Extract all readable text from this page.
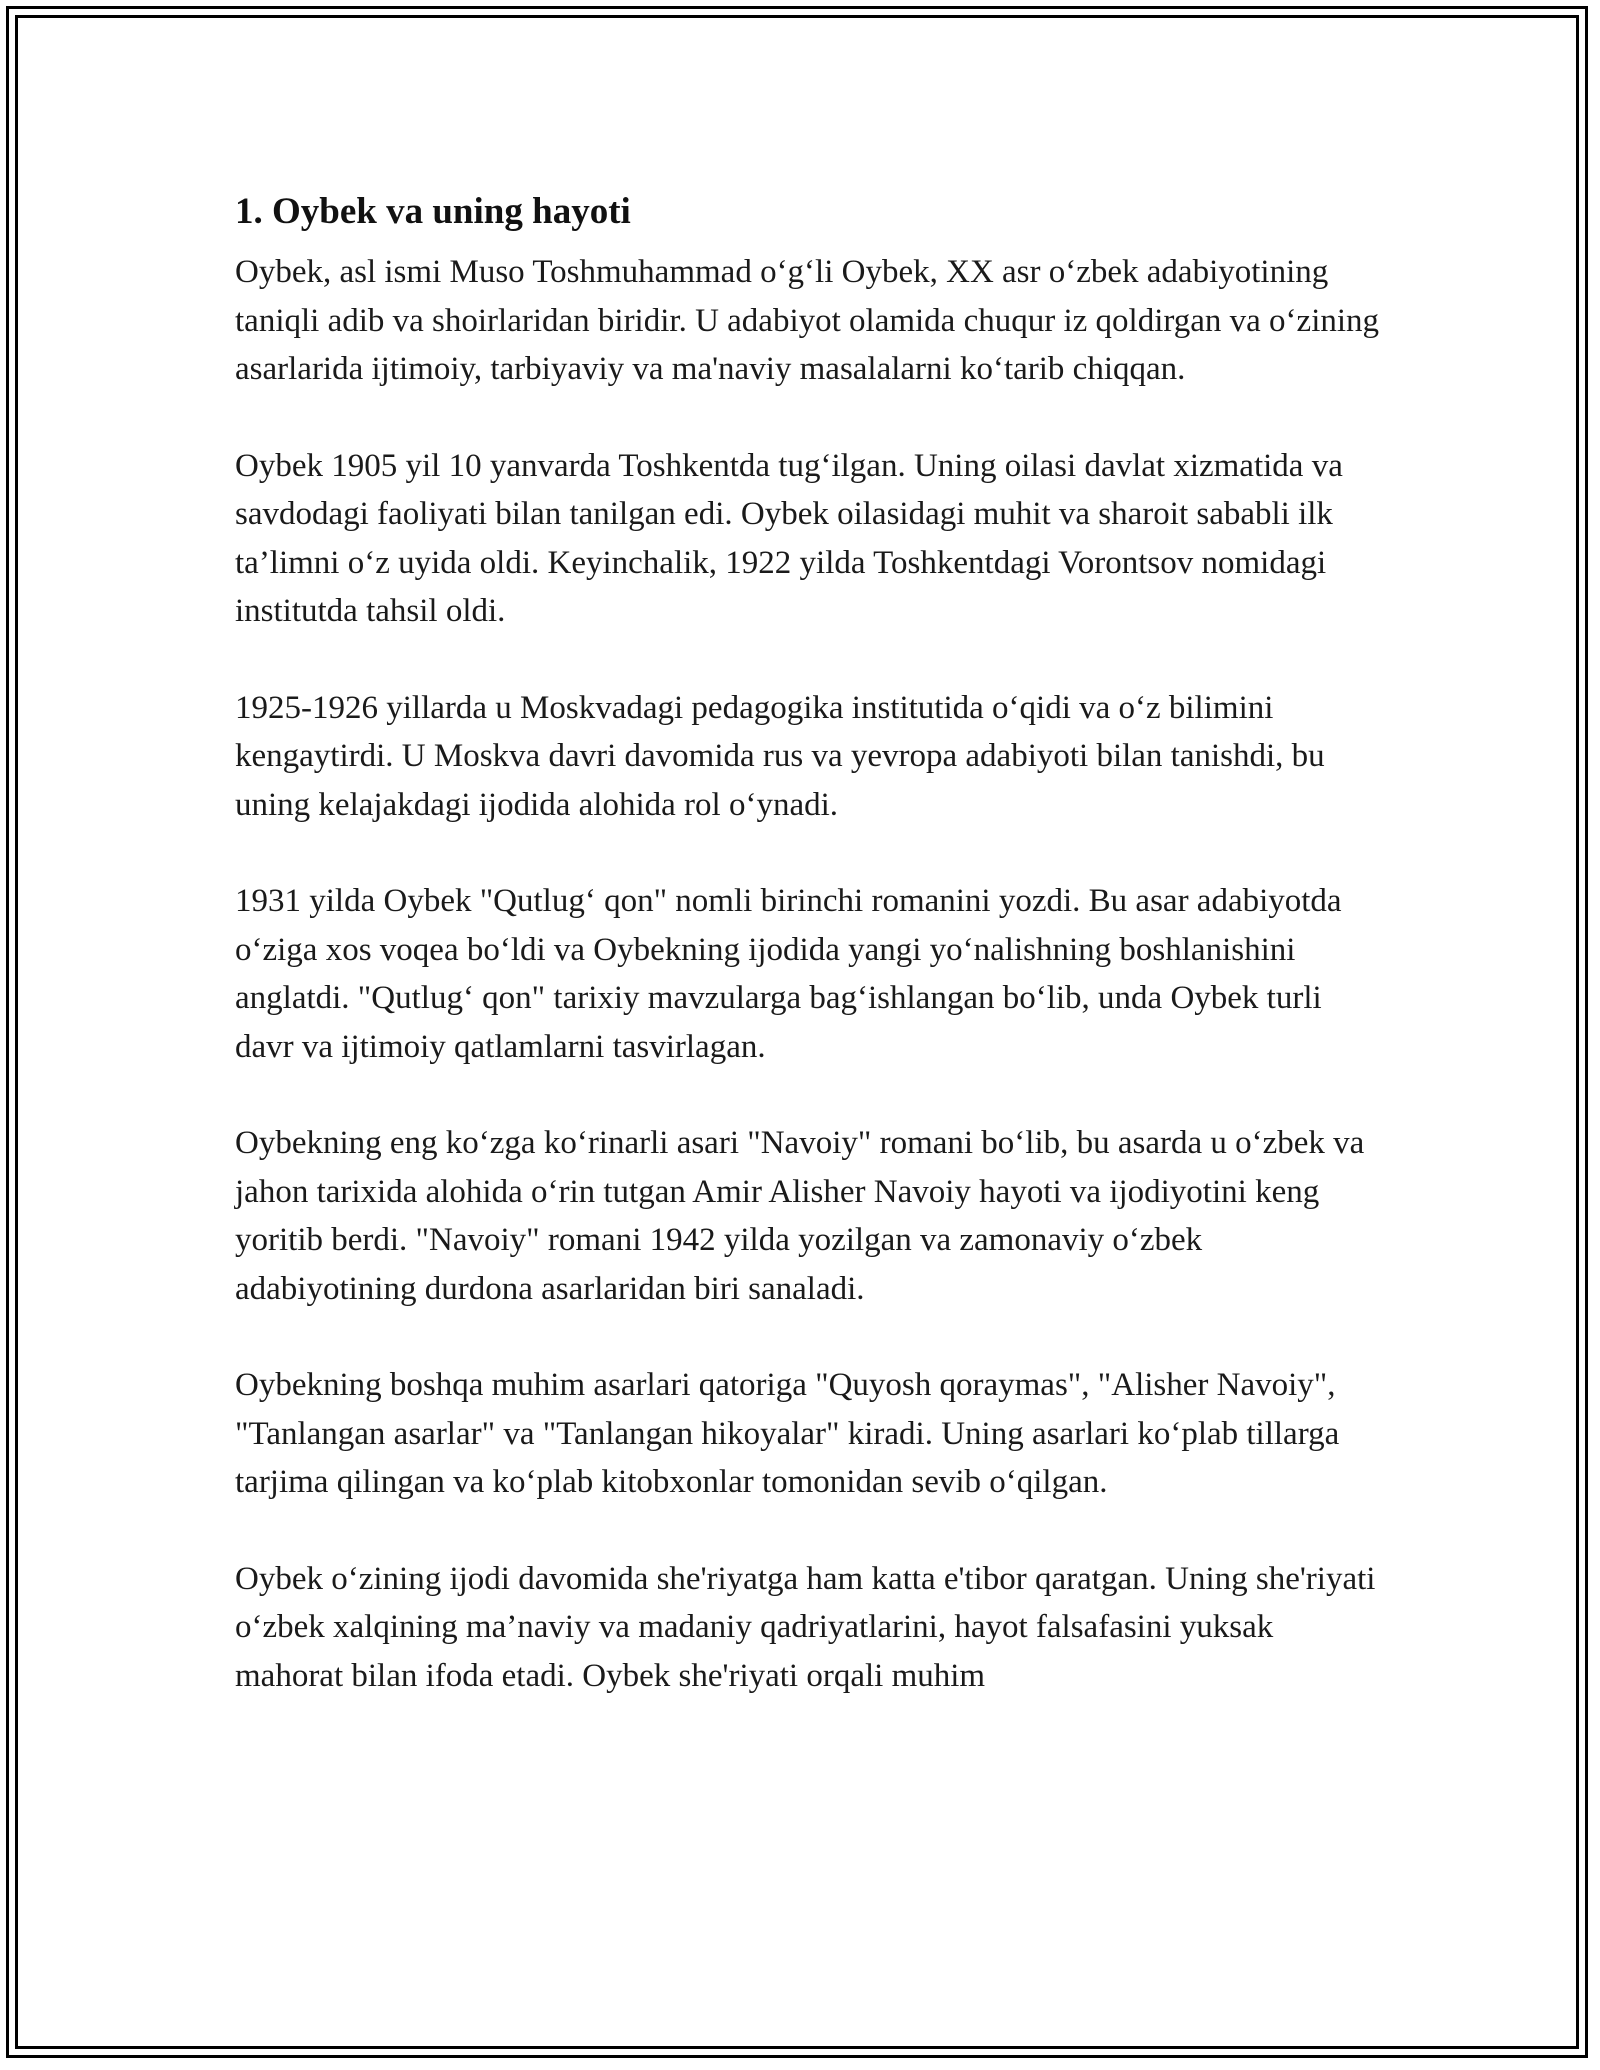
1. Oybek va uning hayoti

Oybek, asl ismi Muso Toshmuhammad o‘g‘li Oybek, XX asr o‘zbek adabiyotining taniqli adib va shoirlaridan biridir. U adabiyot olamida chuqur iz qoldirgan va o‘zining asarlarida ijtimoiy, tarbiyaviy va ma'naviy masalalarni ko‘tarib chiqqan.

Oybek 1905 yil 10 yanvarda Toshkentda tug‘ilgan. Uning oilasi davlat xizmatida va savdodagi faoliyati bilan tanilgan edi. Oybek oilasidagi muhit va sharoit sababli ilk ta’limni o‘z uyida oldi. Keyinchalik, 1922 yilda Toshkentdagi Vorontsov nomidagi institutda tahsil oldi.

1925-1926 yillarda u Moskvadagi pedagogika institutida o‘qidi va o‘z bilimini kengaytirdi. U Moskva davri davomida rus va yevropa adabiyoti bilan tanishdi, bu uning kelajakdagi ijodida alohida rol o‘ynadi.

1931 yilda Oybek "Qutlug‘ qon" nomli birinchi romanini yozdi. Bu asar adabiyotda o‘ziga xos voqea bo‘ldi va Oybekning ijodida yangi yo‘nalishning boshlanishini anglatdi. "Qutlug‘ qon" tarixiy mavzularga bag‘ishlangan bo‘lib, unda Oybek turli davr va ijtimoiy qatlamlarni tasvirlagan.

Oybekning eng ko‘zga ko‘rinarli asari "Navoiy" romani bo‘lib, bu asarda u o‘zbek va jahon tarixida alohida o‘rin tutgan Amir Alisher Navoiy hayoti va ijodiyotini keng yoritib berdi. "Navoiy" romani 1942 yilda yozilgan va zamonaviy o‘zbek adabiyotining durdona asarlaridan biri sanaladi.

Oybekning boshqa muhim asarlari qatoriga "Quyosh qoraymas", "Alisher Navoiy", "Tanlangan asarlar" va "Tanlangan hikoyalar" kiradi. Uning asarlari ko‘plab tillarga tarjima qilingan va ko‘plab kitobxonlar tomonidan sevib o‘qilgan.

Oybek o‘zining ijodi davomida she'riyatga ham katta e'tibor qaratgan. Uning she'riyati o‘zbek xalqining ma’naviy va madaniy qadriyatlarini, hayot falsafasini yuksak mahorat bilan ifoda etadi. Oybek she'riyati orqali muhim
